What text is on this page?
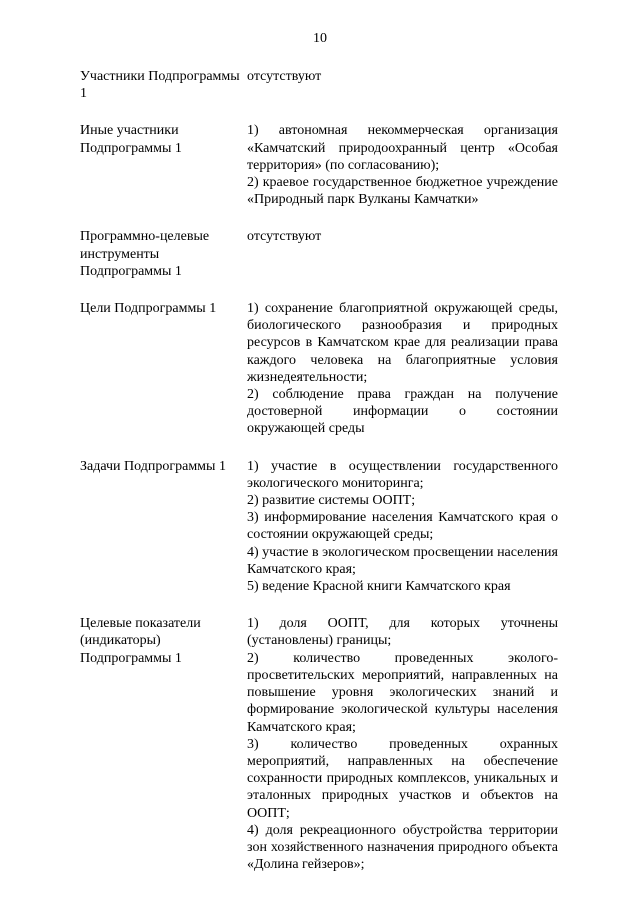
10
Участники Подпрограммы 1
отсутствуют
Иные участники Подпрограммы 1
1) автономная некоммерческая организация «Камчатский природоохранный центр «Особая территория» (по согласованию);
2) краевое государственное бюджетное учреждение «Природный парк Вулканы Камчатки»
Программно-целевые инструменты Подпрограммы 1
отсутствуют
Цели Подпрограммы 1	1) сохранение благоприятной окружающей среды, биологического разнообразия и природных ресурсов в Камчатском крае для реализации права каждого человека на благоприятные условия жизнедеятельности;
2) соблюдение права граждан на получение достоверной информации о состоянии окружающей среды
Задачи Подпрограммы 1	1) участие в осуществлении государственного экологического мониторинга;
2) развитие системы ООПТ;
3) информирование населения Камчатского края о состоянии окружающей среды;
4) участие в экологическом просвещении населения Камчатского края;
5) ведение Красной книги Камчатского края
Целевые показатели (индикаторы) Подпрограммы 1
1) доля ООПТ, для которых уточнены (установлены) границы;
2) количество проведенных эколого-просветительских мероприятий, направленных на повышение уровня экологических знаний и формирование экологической культуры населения Камчатского края;
3) количество проведенных охранных мероприятий, направленных на обеспечение сохранности природных комплексов, уникальных и эталонных природных участков и объектов на ООПТ;
4) доля рекреационного обустройства территории зон хозяйственного назначения природного объекта «Долина гейзеров»;
